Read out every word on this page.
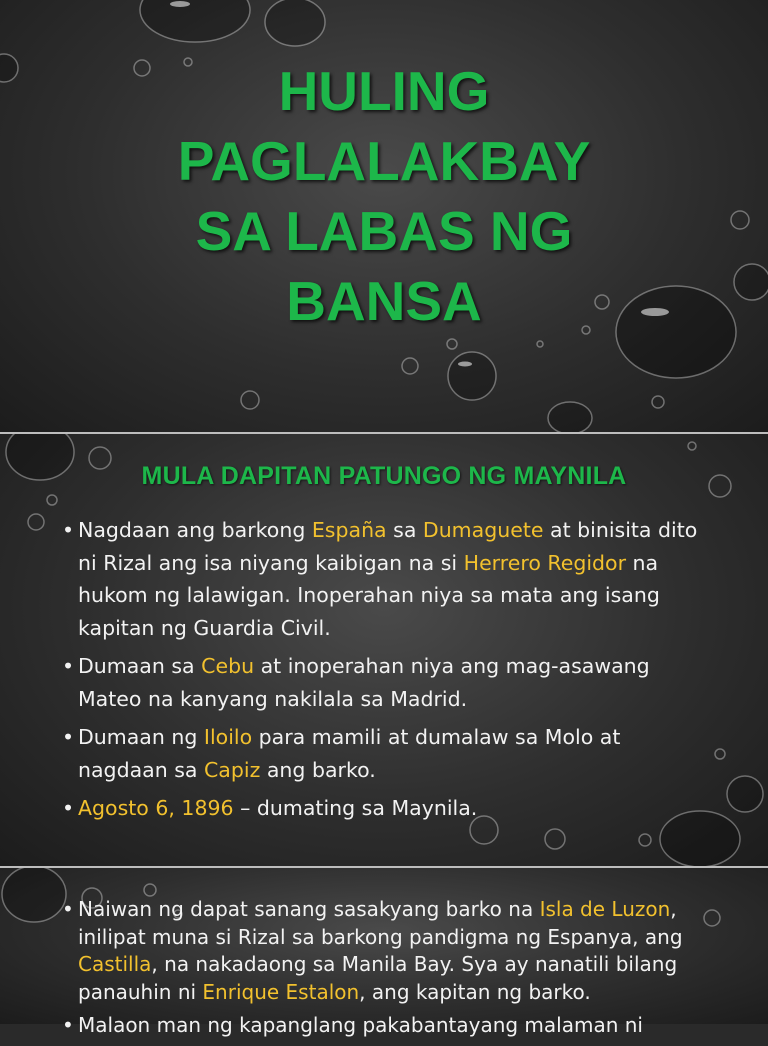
HULING
PAGLALAKBAY
SA LABAS NG
BANSA
MULA DAPITAN PATUNGO NG MAYNILA
• Nagdaan ang barkong España sa Dumaguete at binisita dito ni Rizal ang isa niyang kaibigan na si Herrero Regidor na hukom ng lalawigan. Inoperahan niya sa mata ang isang kapitan ng Guardia Civil.
• Dumaan sa Cebu at inoperahan niya ang mag-asawang Mateo na kanyang nakilala sa Madrid.
• Dumaan ng Iloilo para mamili at dumalaw sa Molo at nagdaan sa Capiz ang barko.
• Agosto 6, 1896 – dumating sa Maynila.
• Naiwan ng dapat sanang sasakyang barko na Isla de Luzon, inilipat muna si Rizal sa barkong pandigma ng Espanya, ang Castilla, na nakadaong sa Manila Bay. Sya ay nanatili bilang panauhin ni Enrique Estalon, ang kapitan ng barko.
• Malaon man ng kapanglang pakabantayang malaman ni
